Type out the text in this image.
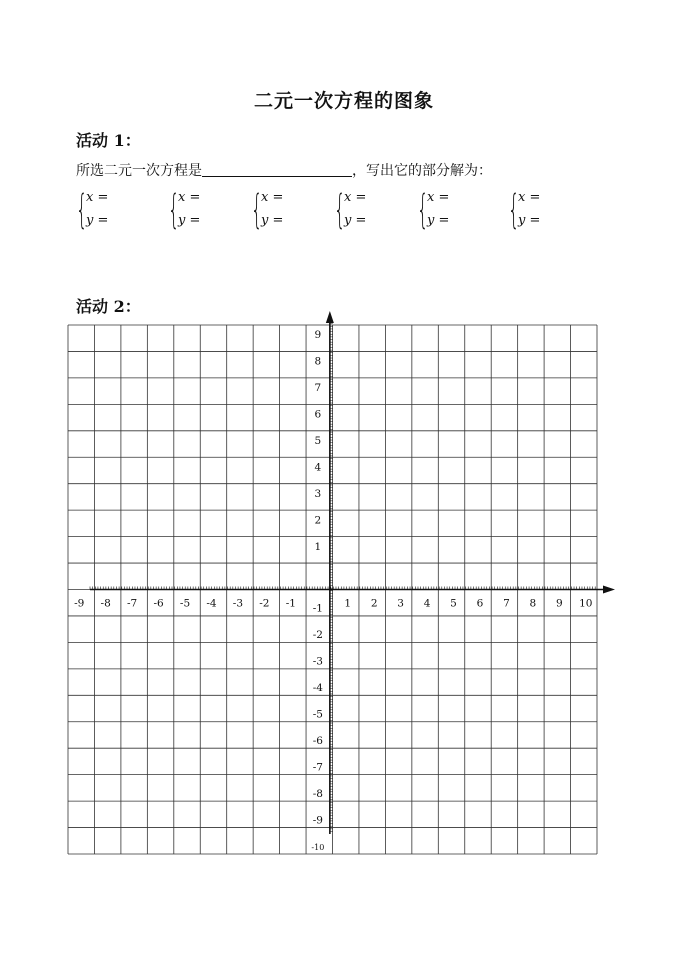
二元一次方程的图象
活动 1：
所选二元一次方程是	，写出它的部分解为：
{
x =
y = {
x =
y = {
x =
y = {
x =
y = {
x =
y = {
x =
y =
活动 2：
-9 -8 -7 -6 -5 -4 -3 -2 -1	1 2 3 4 5 6 7 8 9 10
9
8
7
6
5
4
3
2
1
-1
-2
-3
-4
-5
-6
-7
-8
-9
-10
